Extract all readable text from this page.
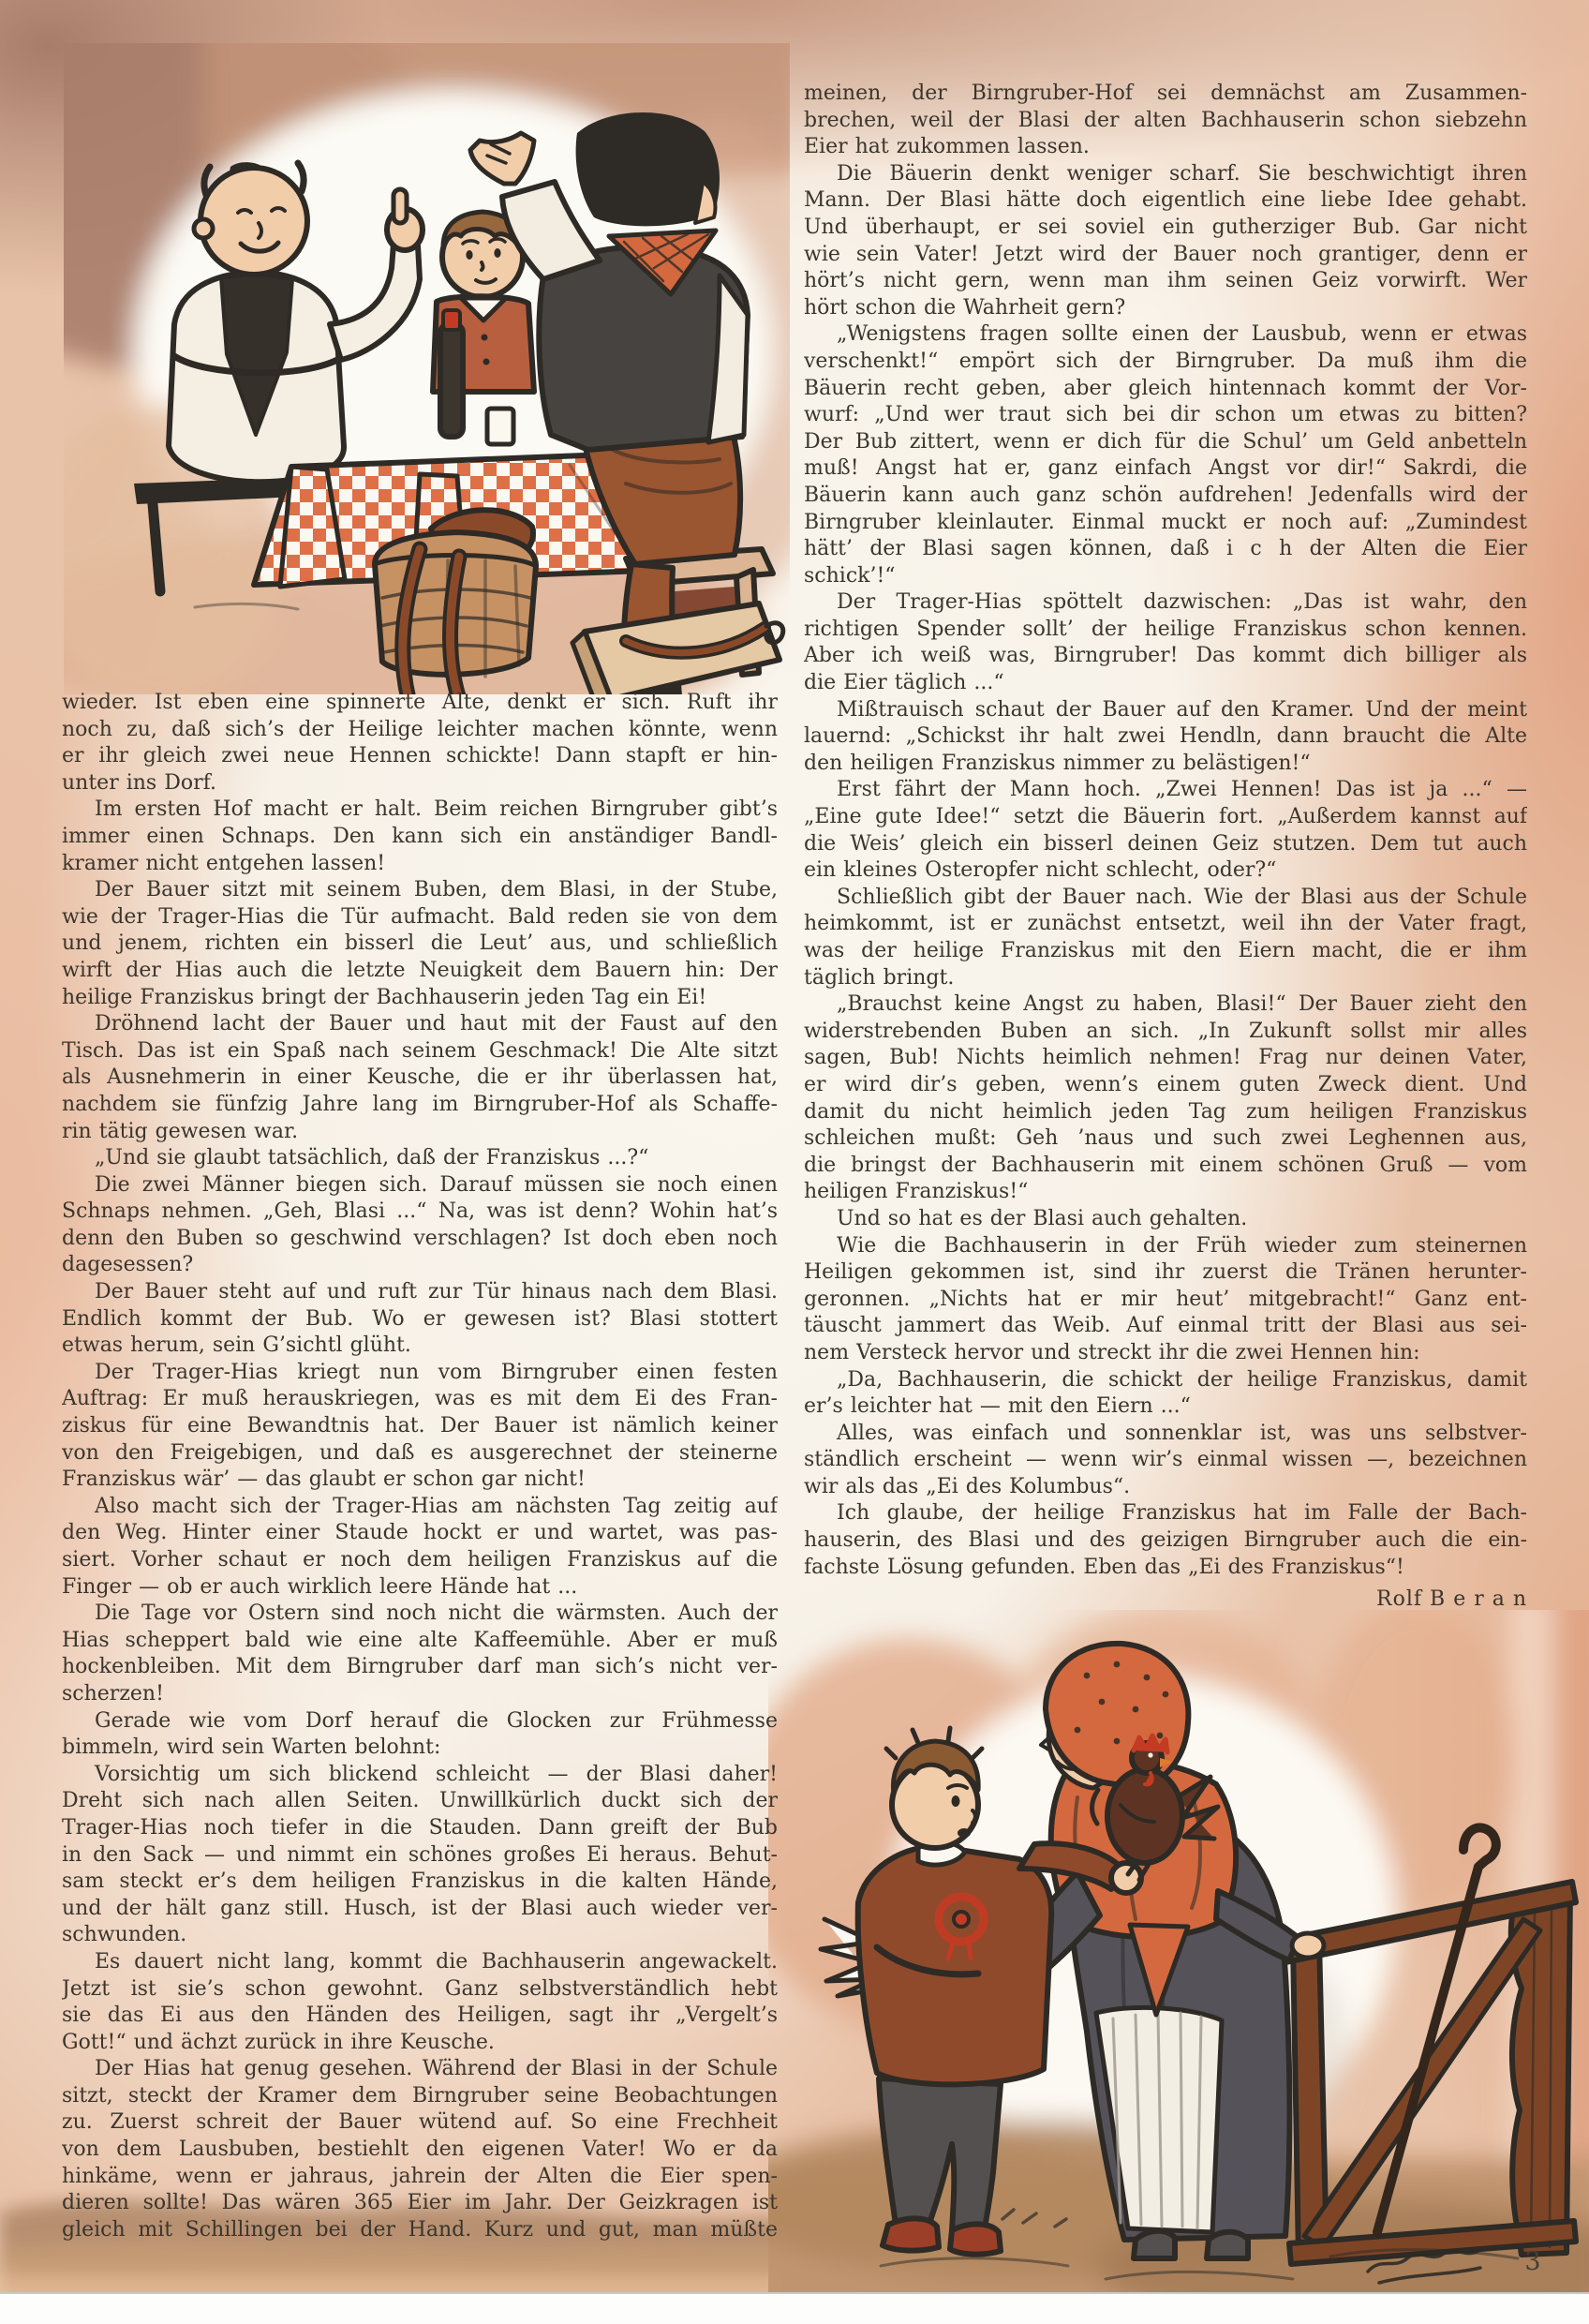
wieder. Ist eben eine spinnerte Alte, denkt er sich. Ruft ihr
noch zu, daß sich’s der Heilige leichter machen könnte, wenn
er ihr gleich zwei neue Hennen schickte! Dann stapft er hin-
unter ins Dorf.
Im ersten Hof macht er halt. Beim reichen Birngruber gibt’s
immer einen Schnaps. Den kann sich ein anständiger Bandl-
kramer nicht entgehen lassen!
Der Bauer sitzt mit seinem Buben, dem Blasi, in der Stube,
wie der Trager-Hias die Tür aufmacht. Bald reden sie von dem
und jenem, richten ein bisserl die Leut’ aus, und schließlich
wirft der Hias auch die letzte Neuigkeit dem Bauern hin: Der
heilige Franziskus bringt der Bachhauserin jeden Tag ein Ei!
Dröhnend lacht der Bauer und haut mit der Faust auf den
Tisch. Das ist ein Spaß nach seinem Geschmack! Die Alte sitzt
als Ausnehmerin in einer Keusche, die er ihr überlassen hat,
nachdem sie fünfzig Jahre lang im Birngruber-Hof als Schaffe-
rin tätig gewesen war.
„Und sie glaubt tatsächlich, daß der Franziskus ...?“
Die zwei Männer biegen sich. Darauf müssen sie noch einen
Schnaps nehmen. „Geh, Blasi ...“ Na, was ist denn? Wohin hat’s
denn den Buben so geschwind verschlagen? Ist doch eben noch
dagesessen?
Der Bauer steht auf und ruft zur Tür hinaus nach dem Blasi.
Endlich kommt der Bub. Wo er gewesen ist? Blasi stottert
etwas herum, sein G’sichtl glüht.
Der Trager-Hias kriegt nun vom Birngruber einen festen
Auftrag: Er muß herauskriegen, was es mit dem Ei des Fran-
ziskus für eine Bewandtnis hat. Der Bauer ist nämlich keiner
von den Freigebigen, und daß es ausgerechnet der steinerne
Franziskus wär’ — das glaubt er schon gar nicht!
Also macht sich der Trager-Hias am nächsten Tag zeitig auf
den Weg. Hinter einer Staude hockt er und wartet, was pas-
siert. Vorher schaut er noch dem heiligen Franziskus auf die
Finger — ob er auch wirklich leere Hände hat ...
Die Tage vor Ostern sind noch nicht die wärmsten. Auch der
Hias scheppert bald wie eine alte Kaffeemühle. Aber er muß
hockenbleiben. Mit dem Birngruber darf man sich’s nicht ver-
scherzen!
Gerade wie vom Dorf herauf die Glocken zur Frühmesse
bimmeln, wird sein Warten belohnt:
Vorsichtig um sich blickend schleicht — der Blasi daher!
Dreht sich nach allen Seiten. Unwillkürlich duckt sich der
Trager-Hias noch tiefer in die Stauden. Dann greift der Bub
in den Sack — und nimmt ein schönes großes Ei heraus. Behut-
sam steckt er’s dem heiligen Franziskus in die kalten Hände,
und der hält ganz still. Husch, ist der Blasi auch wieder ver-
schwunden.
Es dauert nicht lang, kommt die Bachhauserin angewackelt.
Jetzt ist sie’s schon gewohnt. Ganz selbstverständlich hebt
sie das Ei aus den Händen des Heiligen, sagt ihr „Vergelt’s
Gott!“ und ächzt zurück in ihre Keusche.
Der Hias hat genug gesehen. Während der Blasi in der Schule
sitzt, steckt der Kramer dem Birngruber seine Beobachtungen
zu. Zuerst schreit der Bauer wütend auf. So eine Frechheit
von dem Lausbuben, bestiehlt den eigenen Vater! Wo er da
hinkäme, wenn er jahraus, jahrein der Alten die Eier spen-
dieren sollte! Das wären 365 Eier im Jahr. Der Geizkragen ist
gleich mit Schillingen bei der Hand. Kurz und gut, man müßte
meinen, der Birngruber-Hof sei demnächst am Zusammen-
brechen, weil der Blasi der alten Bachhauserin schon siebzehn
Eier hat zukommen lassen.
Die Bäuerin denkt weniger scharf. Sie beschwichtigt ihren
Mann. Der Blasi hätte doch eigentlich eine liebe Idee gehabt.
Und überhaupt, er sei soviel ein gutherziger Bub. Gar nicht
wie sein Vater! Jetzt wird der Bauer noch grantiger, denn er
hört’s nicht gern, wenn man ihm seinen Geiz vorwirft. Wer
hört schon die Wahrheit gern?
„Wenigstens fragen sollte einen der Lausbub, wenn er etwas
verschenkt!“ empört sich der Birngruber. Da muß ihm die
Bäuerin recht geben, aber gleich hintennach kommt der Vor-
wurf: „Und wer traut sich bei dir schon um etwas zu bitten?
Der Bub zittert, wenn er dich für die Schul’ um Geld anbetteln
muß! Angst hat er, ganz einfach Angst vor dir!“ Sakrdi, die
Bäuerin kann auch ganz schön aufdrehen! Jedenfalls wird der
Birngruber kleinlauter. Einmal muckt er noch auf: „Zumindest
hätt’ der Blasi sagen können, daß i c h der Alten die Eier
schick’!“
Der Trager-Hias spöttelt dazwischen: „Das ist wahr, den
richtigen Spender sollt’ der heilige Franziskus schon kennen.
Aber ich weiß was, Birngruber! Das kommt dich billiger als
die Eier täglich ...“
Mißtrauisch schaut der Bauer auf den Kramer. Und der meint
lauernd: „Schickst ihr halt zwei Hendln, dann braucht die Alte
den heiligen Franziskus nimmer zu belästigen!“
Erst fährt der Mann hoch. „Zwei Hennen! Das ist ja ...“ —
„Eine gute Idee!“ setzt die Bäuerin fort. „Außerdem kannst auf
die Weis’ gleich ein bisserl deinen Geiz stutzen. Dem tut auch
ein kleines Osteropfer nicht schlecht, oder?“
Schließlich gibt der Bauer nach. Wie der Blasi aus der Schule
heimkommt, ist er zunächst entsetzt, weil ihn der Vater fragt,
was der heilige Franziskus mit den Eiern macht, die er ihm
täglich bringt.
„Brauchst keine Angst zu haben, Blasi!“ Der Bauer zieht den
widerstrebenden Buben an sich. „In Zukunft sollst mir alles
sagen, Bub! Nichts heimlich nehmen! Frag nur deinen Vater,
er wird dir’s geben, wenn’s einem guten Zweck dient. Und
damit du nicht heimlich jeden Tag zum heiligen Franziskus
schleichen mußt: Geh ’naus und such zwei Leghennen aus,
die bringst der Bachhauserin mit einem schönen Gruß — vom
heiligen Franziskus!“
Und so hat es der Blasi auch gehalten.
Wie die Bachhauserin in der Früh wieder zum steinernen
Heiligen gekommen ist, sind ihr zuerst die Tränen herunter-
geronnen. „Nichts hat er mir heut’ mitgebracht!“ Ganz ent-
täuscht jammert das Weib. Auf einmal tritt der Blasi aus sei-
nem Versteck hervor und streckt ihr die zwei Hennen hin:
„Da, Bachhauserin, die schickt der heilige Franziskus, damit
er’s leichter hat — mit den Eiern ...“
Alles, was einfach und sonnenklar ist, was uns selbstver-
ständlich erscheint — wenn wir’s einmal wissen —, bezeichnen
wir als das „Ei des Kolumbus“.
Ich glaube, der heilige Franziskus hat im Falle der Bach-
hauserin, des Blasi und des geizigen Birngruber auch die ein-
fachste Lösung gefunden. Eben das „Ei des Franziskus“!
Rolf B e r a n
3
